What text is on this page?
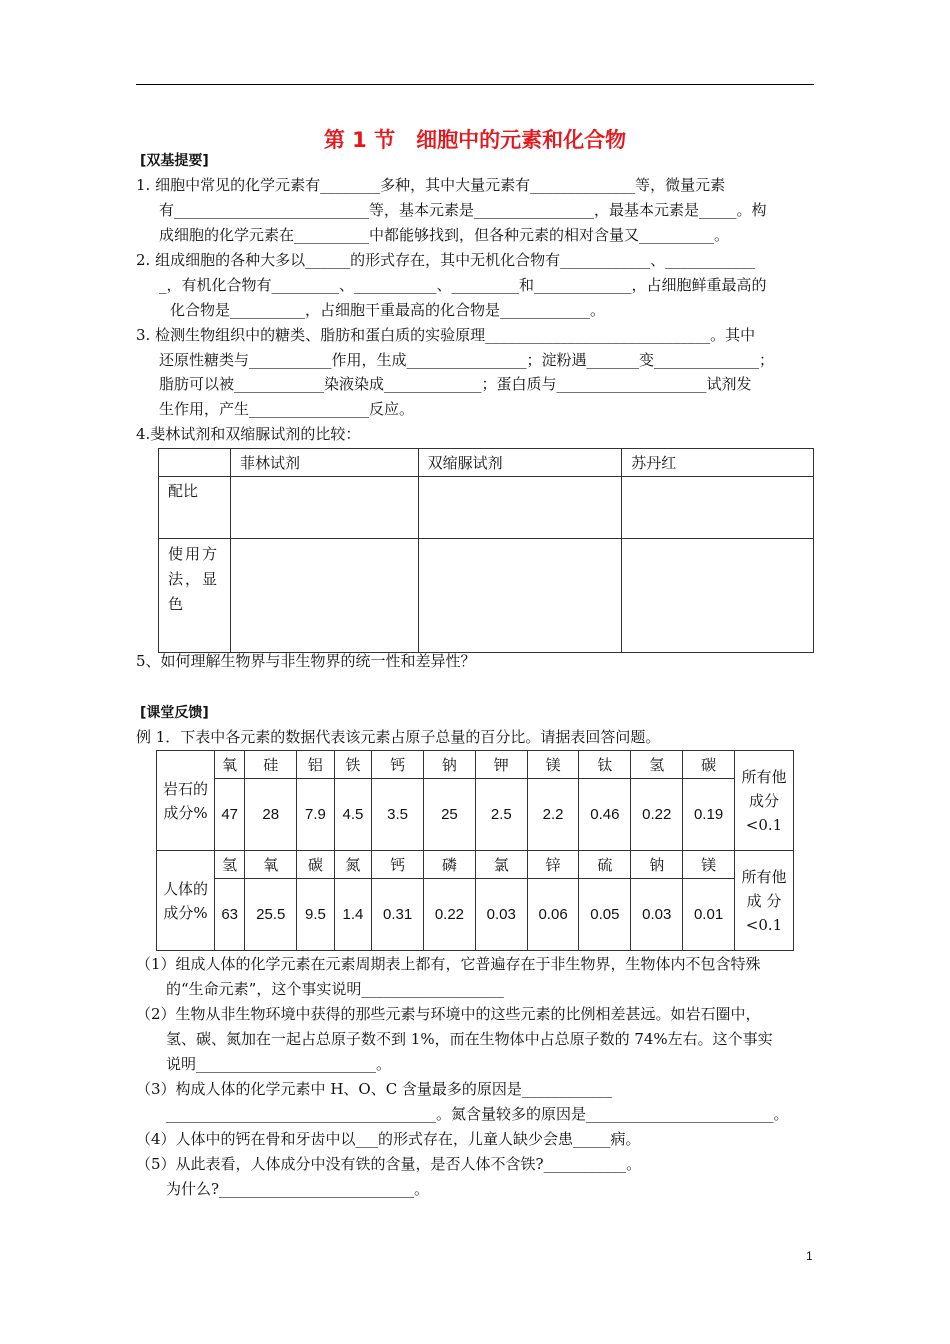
第 1 节　细胞中的元素和化合物
[双基提要]
1. 细胞中常见的化学元素有________多种，其中大量元素有______________等，微量元素
有__________________________等，基本元素是________________，最基本元素是_____。构
成细胞的化学元素在__________中都能够找到，但各种元素的相对含量又__________。
2. 组成细胞的各种大多以______的形式存在，其中无机化合物有____________、____________
_，有机化合物有_________、___________、_________和_____________，占细胞鲜重最高的
化合物是__________，占细胞干重最高的化合物是____________。
3. 检测生物组织中的糖类、脂肪和蛋白质的实验原理______________________________。其中
还原性糖类与___________作用，生成________________；淀粉遇_______变______________；
脂肪可以被____________染液染成_____________；蛋白质与____________________试剂发
生作用，产生________________反应。
4.斐林试剂和双缩脲试剂的比较：
	菲林试剂	双缩脲试剂	苏丹红
配比			
使用方法，显色			
5、如何理解生物界与非生物界的统一性和差异性？
[课堂反馈]
例 1．下表中各元素的数据代表该元素占原子总量的百分比。请据表回答问题。
岩石的成分%	氧	硅	铝	铁	钙	钠	钾	镁	钛	氢	碳	所有他成分<0.1
	47	28	7.9	4.5	3.5	25	2.5	2.2	0.46	0.22	0.19	
人体的成分%	氢	氧	碳	氮	钙	磷	氯	锌	硫	钠	镁	所有他成 分<0.1
	63	25.5	9.5	1.4	0.31	0.22	0.03	0.06	0.05	0.03	0.01	
（1）组成人体的化学元素在元素周期表上都有，它普遍存在于非生物界，生物体内不包含特殊
　　的“生命元素”，这个事实说明___________________
（2）生物从非生物环境中获得的那些元素与环境中的这些元素的比例相差甚远。如岩石圈中，
　　氢、碳、氮加在一起占总原子数不到 1%，而在生物体中占总原子数的 74%左右。这个事实
　　说明________________________。
（3）构成人体的化学元素中 H、O、C 含量最多的原因是____________
　　____________________________________。氮含量较多的原因是_________________________。
（4）人体中的钙在骨和牙齿中以___的形式存在，儿童人缺少会患_____病。
（5）从此表看，人体成分中没有铁的含量，是否人体不含铁?___________。
　　为什么?__________________________。
1
